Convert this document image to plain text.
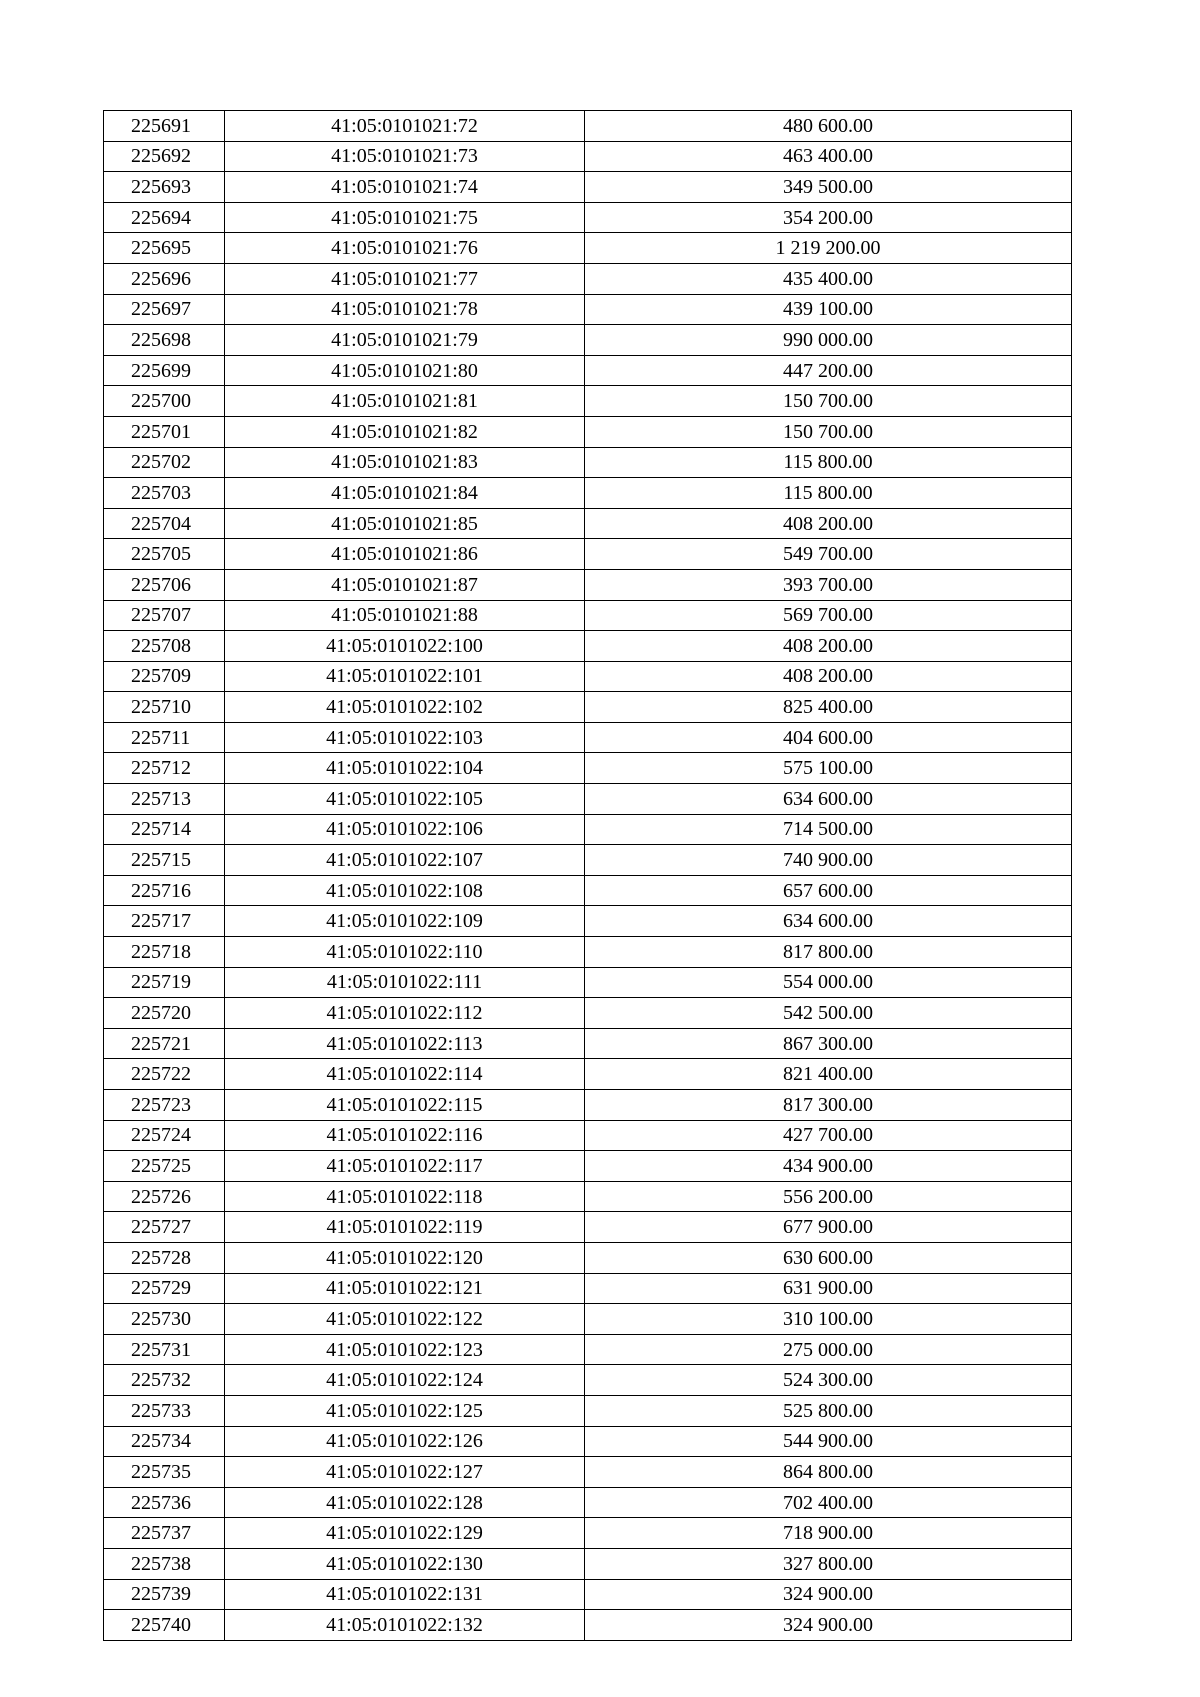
225691	41:05:0101021:72	480 600.00
225692	41:05:0101021:73	463 400.00
225693	41:05:0101021:74	349 500.00
225694	41:05:0101021:75	354 200.00
225695	41:05:0101021:76	1 219 200.00
225696	41:05:0101021:77	435 400.00
225697	41:05:0101021:78	439 100.00
225698	41:05:0101021:79	990 000.00
225699	41:05:0101021:80	447 200.00
225700	41:05:0101021:81	150 700.00
225701	41:05:0101021:82	150 700.00
225702	41:05:0101021:83	115 800.00
225703	41:05:0101021:84	115 800.00
225704	41:05:0101021:85	408 200.00
225705	41:05:0101021:86	549 700.00
225706	41:05:0101021:87	393 700.00
225707	41:05:0101021:88	569 700.00
225708	41:05:0101022:100	408 200.00
225709	41:05:0101022:101	408 200.00
225710	41:05:0101022:102	825 400.00
225711	41:05:0101022:103	404 600.00
225712	41:05:0101022:104	575 100.00
225713	41:05:0101022:105	634 600.00
225714	41:05:0101022:106	714 500.00
225715	41:05:0101022:107	740 900.00
225716	41:05:0101022:108	657 600.00
225717	41:05:0101022:109	634 600.00
225718	41:05:0101022:110	817 800.00
225719	41:05:0101022:111	554 000.00
225720	41:05:0101022:112	542 500.00
225721	41:05:0101022:113	867 300.00
225722	41:05:0101022:114	821 400.00
225723	41:05:0101022:115	817 300.00
225724	41:05:0101022:116	427 700.00
225725	41:05:0101022:117	434 900.00
225726	41:05:0101022:118	556 200.00
225727	41:05:0101022:119	677 900.00
225728	41:05:0101022:120	630 600.00
225729	41:05:0101022:121	631 900.00
225730	41:05:0101022:122	310 100.00
225731	41:05:0101022:123	275 000.00
225732	41:05:0101022:124	524 300.00
225733	41:05:0101022:125	525 800.00
225734	41:05:0101022:126	544 900.00
225735	41:05:0101022:127	864 800.00
225736	41:05:0101022:128	702 400.00
225737	41:05:0101022:129	718 900.00
225738	41:05:0101022:130	327 800.00
225739	41:05:0101022:131	324 900.00
225740	41:05:0101022:132	324 900.00
